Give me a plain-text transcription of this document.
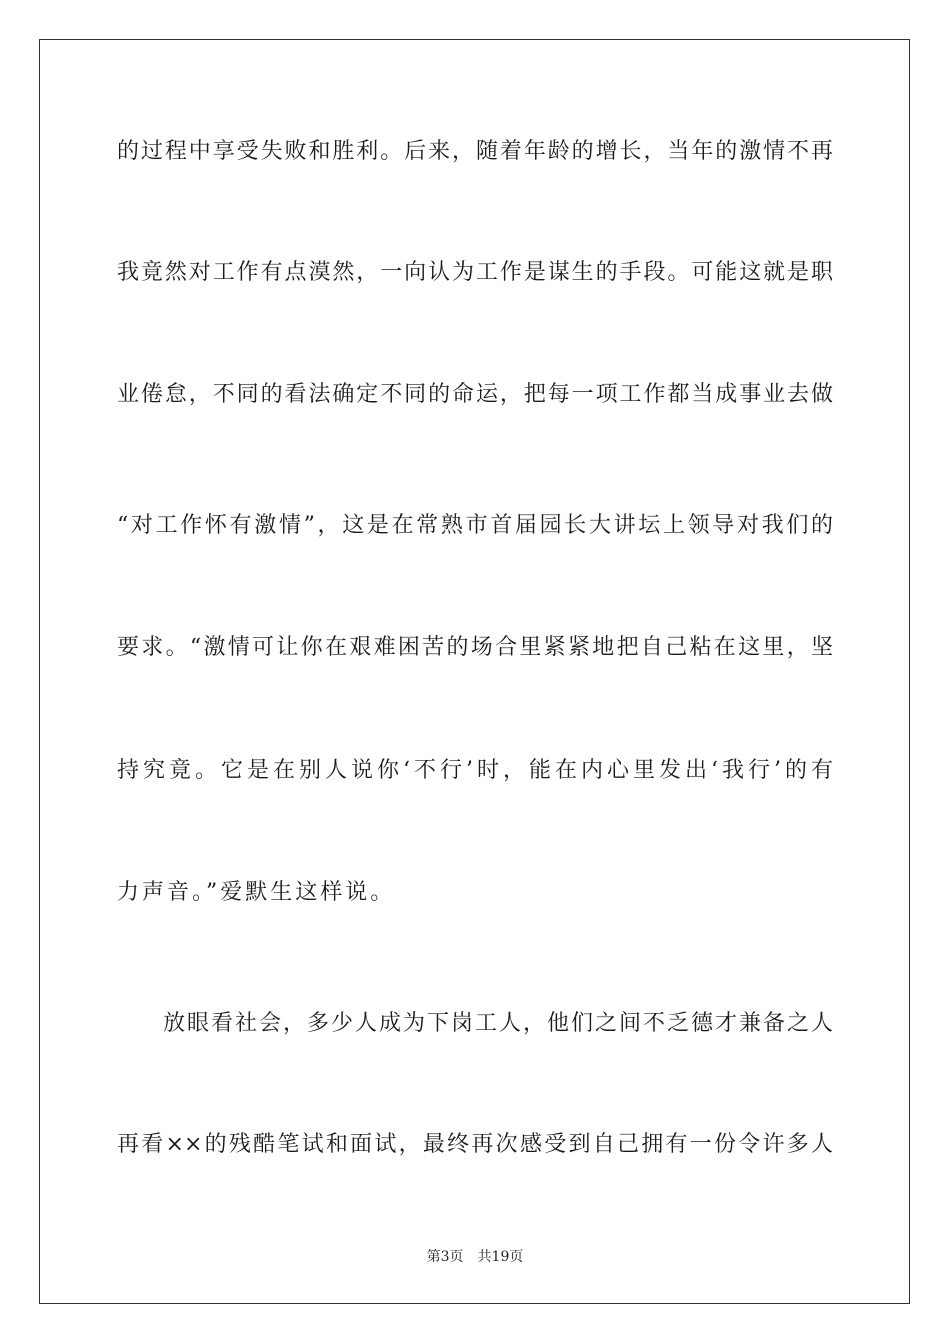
的过程中享受失败和胜利。后来，随着年龄的增长，当年的激情不再
我竟然对工作有点漠然，一向认为工作是谋生的手段。可能这就是职
业倦怠，不同的看法确定不同的命运，把每一项工作都当成事业去做
“对工作怀有激情”，这是在常熟市首届园长大讲坛上领导对我们的
要求。“激情可让你在艰难困苦的场合里紧紧地把自己粘在这里，坚
持究竟。它是在别人说你‘不行’时，能在内心里发出‘我行’的有
力声音。”爱默生这样说。
放眼看社会，多少人成为下岗工人，他们之间不乏德才兼备之人
再看××的残酷笔试和面试，最终再次感受到自己拥有一份令许多人
第3页 共19页
